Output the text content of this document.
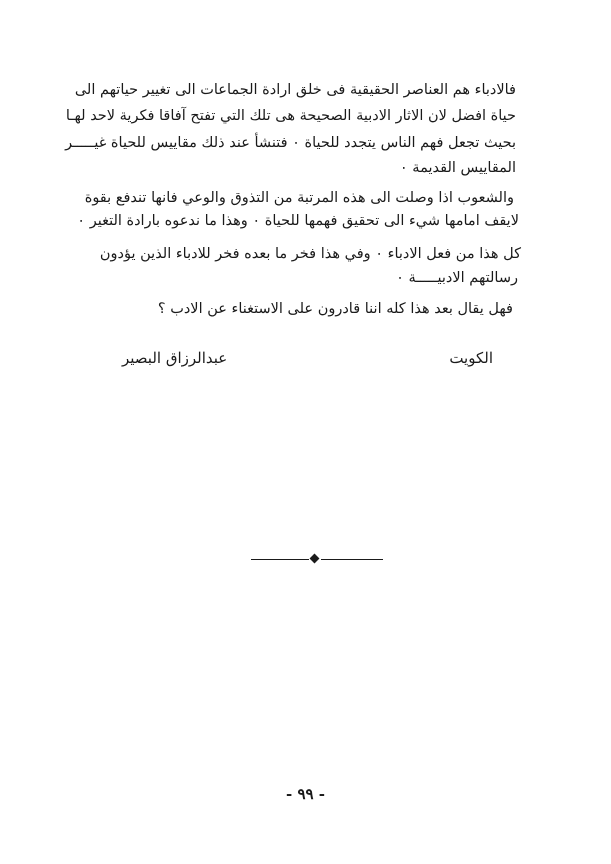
فالادباء هم العناصر الحقيقية فى خلق ارادة الجماعات الى تغيير حياتهم الى
حياة افضل لان الاثار الادبية الصحيحة هى تلك التي تفتح آفاقا فكرية لاحد لهـا
بحيث تجعل فهم الناس يتجدد للحياة ٠ فتنشأ عند ذلك مقاييس للحياة غيـــــر
المقاييس القديمة ٠
والشعوب اذا وصلت الى هذه المرتبة من التذوق والوعي فانها تندفع بقوة
لايقف امامها شيء الى تحقيق فهمها للحياة ٠ وهذا ما ندعوه بارادة التغير ٠
كل هذا من فعل الادباء ٠ وفي هذا فخر ما بعده فخر للادباء الذين يؤدون
رسالتهم الادبيـــــة ٠
فهل يقال بعد هذا كله اننا قادرون على الاستغناء عن الادب ؟
الكويت
عبدالرزاق البصير
- ٩٩ -
